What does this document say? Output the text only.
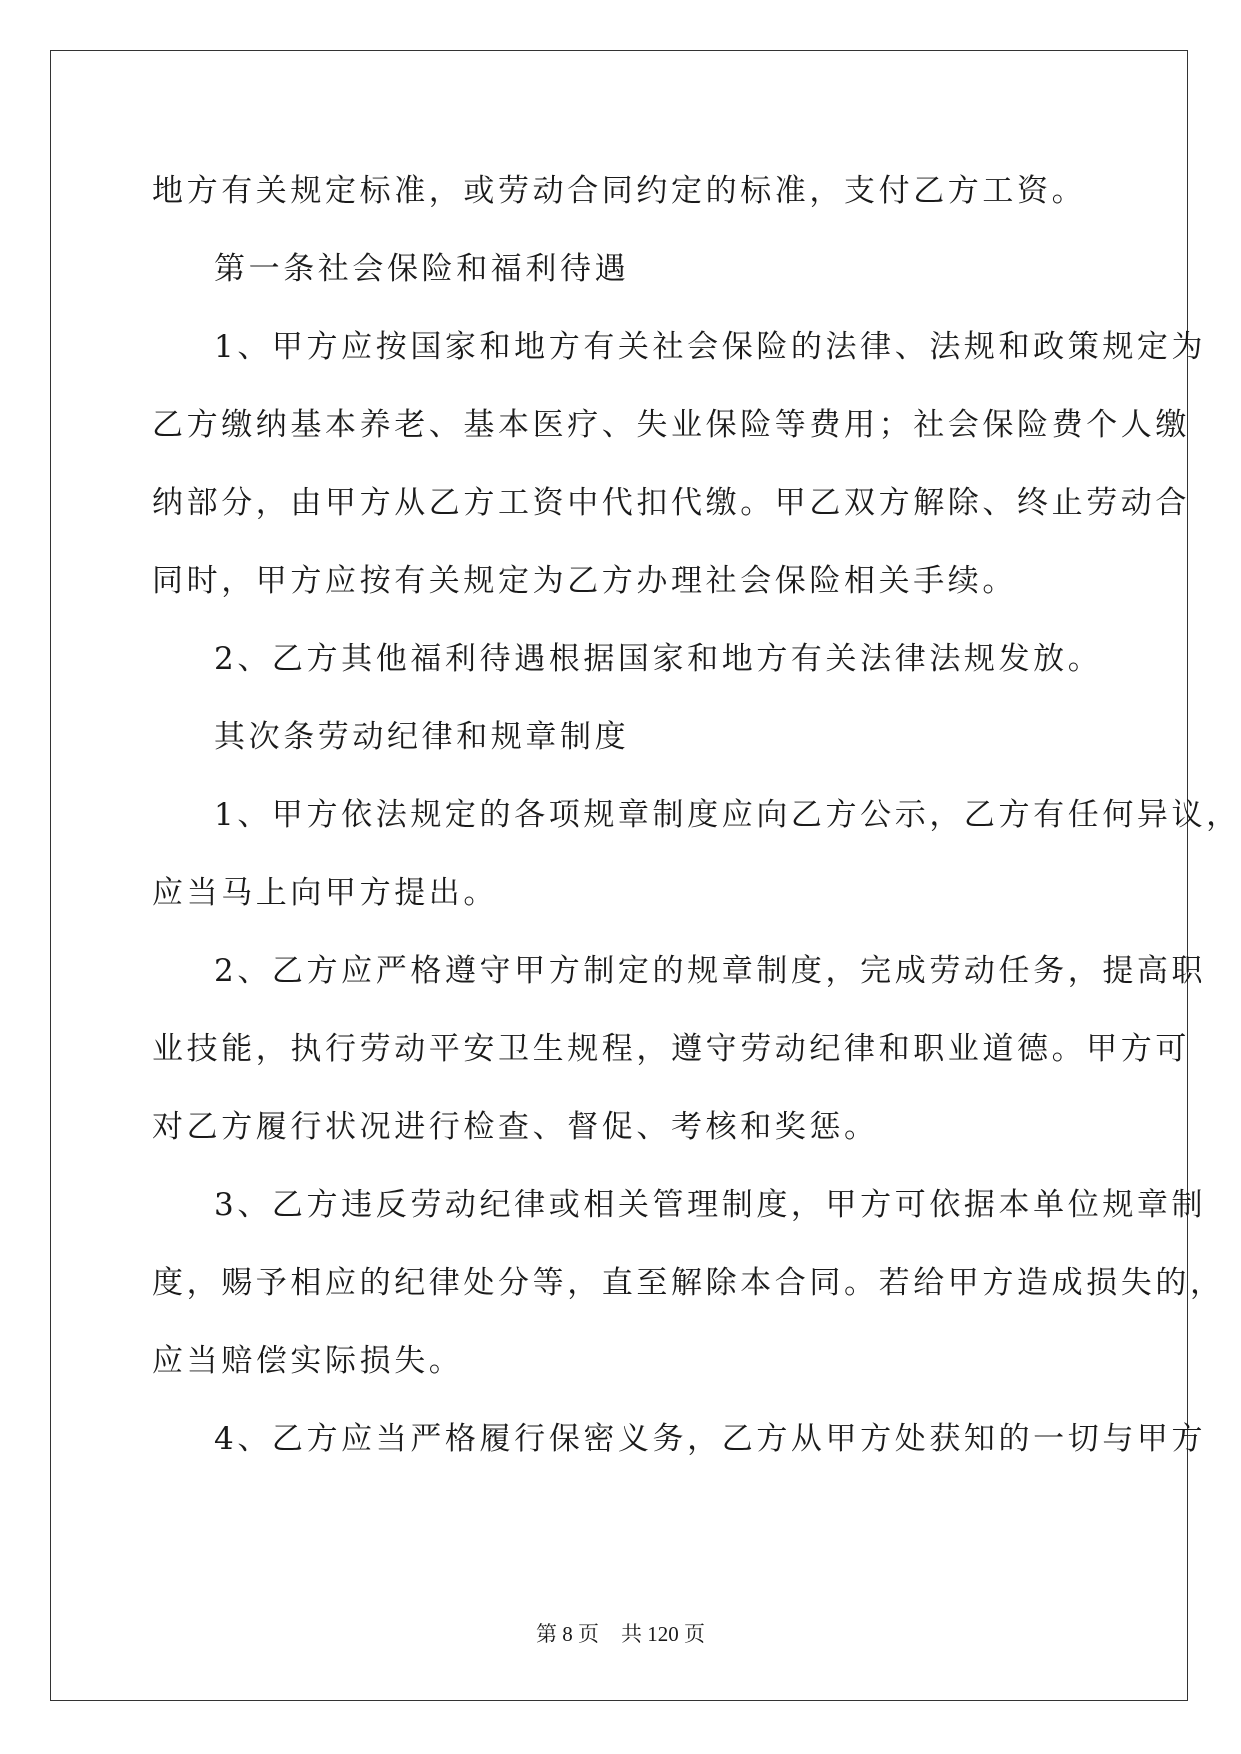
地方有关规定标准，或劳动合同约定的标准，支付乙方工资。
第一条社会保险和福利待遇
1、甲方应按国家和地方有关社会保险的法律、法规和政策规定为
乙方缴纳基本养老、基本医疗、失业保险等费用；社会保险费个人缴
纳部分，由甲方从乙方工资中代扣代缴。甲乙双方解除、终止劳动合
同时，甲方应按有关规定为乙方办理社会保险相关手续。
2、乙方其他福利待遇根据国家和地方有关法律法规发放。
其次条劳动纪律和规章制度
1、甲方依法规定的各项规章制度应向乙方公示，乙方有任何异议，
应当马上向甲方提出。
2、乙方应严格遵守甲方制定的规章制度，完成劳动任务，提高职
业技能，执行劳动平安卫生规程，遵守劳动纪律和职业道德。甲方可
对乙方履行状况进行检查、督促、考核和奖惩。
3、乙方违反劳动纪律或相关管理制度，甲方可依据本单位规章制
度，赐予相应的纪律处分等，直至解除本合同。若给甲方造成损失的，
应当赔偿实际损失。
4、乙方应当严格履行保密义务，乙方从甲方处获知的一切与甲方
第 8 页 共 120 页
